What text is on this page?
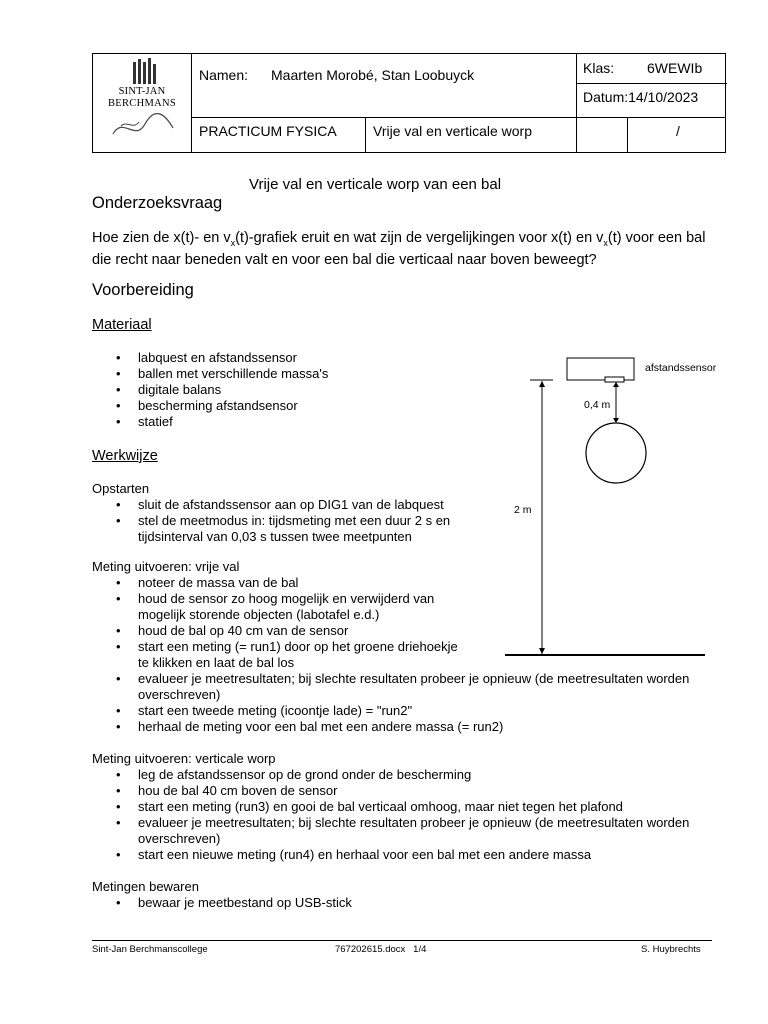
SINT-JAN
BERCHMANS
Namen: Maarten Morobé, Stan Loobuyck	Klas: 6WEWIb
Datum:14/10/2023
PRACTICUM FYSICA	Vrije val en verticale worp	/
Vrije val en verticale worp van een bal
Onderzoeksvraag
Hoe zien de x(t)- en $v_x(t)$-grafiek eruit en wat zijn de vergelijkingen voor x(t) en $v_x(t)$ voor een bal die recht naar beneden valt en voor een bal die verticaal naar boven beweegt?
Voorbereiding
Materiaal
• labquest en afstandssensor
• ballen met verschillende massa's
• digitale balans
• bescherming afstandsensor
• statief
Werkwijze
Opstarten
• sluit de afstandssensor aan op DIG1 van de labquest
• stel de meetmodus in: tijdsmeting met een duur 2 s en tijdsinterval van 0,03 s tussen twee meetpunten
Meting uitvoeren: vrije val
• noteer de massa van de bal
• houd de sensor zo hoog mogelijk en verwijderd van mogelijk storende objecten (labotafel e.d.)
• houd de bal op 40 cm van de sensor
• start een meting (= run1) door op het groene driehoekje te klikken en laat de bal los
• evalueer je meetresultaten; bij slechte resultaten probeer je opnieuw (de meetresultaten worden overschreven)
• start een tweede meting (icoontje lade) = "run2"
• herhaal de meting voor een bal met een andere massa (= run2)
Meting uitvoeren: verticale worp
• leg de afstandssensor op de grond onder de bescherming
• hou de bal 40 cm boven de sensor
• start een meting (run3) en gooi de bal verticaal omhoog, maar niet tegen het plafond
• evalueer je meetresultaten; bij slechte resultaten probeer je opnieuw (de meetresultaten worden overschreven)
• start een nieuwe meting (run4) en herhaal voor een bal met een andere massa
Metingen bewaren
• bewaar je meetbestand op USB-stick
afstandssensor
0,4 m
2 m
Sint-Jan Berchmanscollege	767202615.docx   1/4	S. Huybrechts
